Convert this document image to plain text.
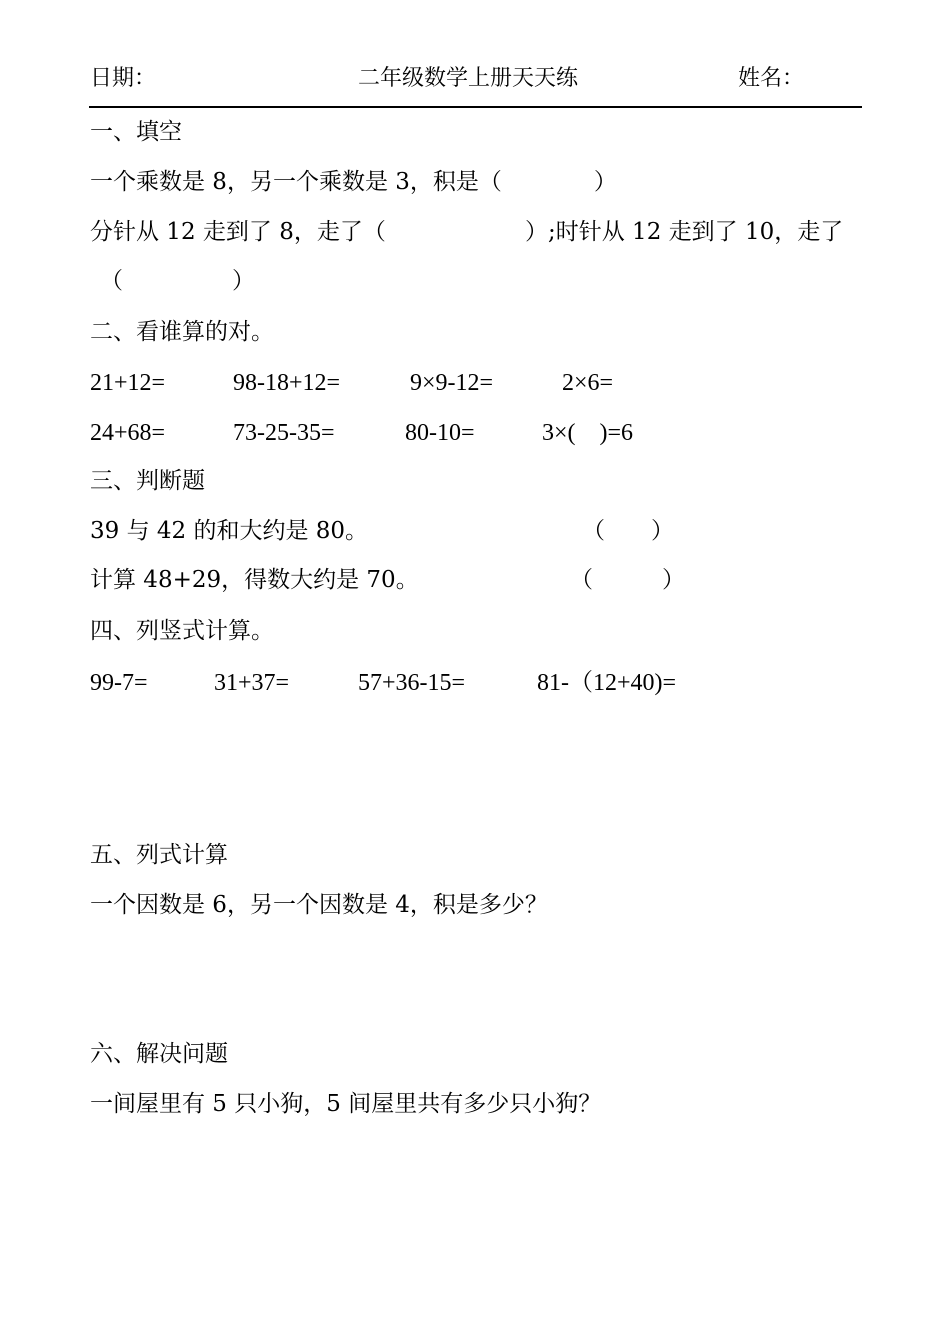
日期：	二年级数学上册天天练	姓名：
一、填空
一个乘数是 8，另一个乘数是 3，积是（　　　　）
分针从 12 走到了 8，走了（	）;时针从 12 走到了 10，走了
（	）
二、看谁算的对。
21+12=	98-18+12=	9×9-12=	2×6=
24+68=	73-25-35=	80-10=	3×(　)=6
三、判断题
39 与 42 的和大约是 80。	（　　）
计算 48+29，得数大约是 70。	（　　　）
四、列竖式计算。
99-7=	31+37=	57+36-15=	81-（12+40)=
五、列式计算
一个因数是 6，另一个因数是 4，积是多少？
六、解决问题
一间屋里有 5 只小狗，5 间屋里共有多少只小狗？
